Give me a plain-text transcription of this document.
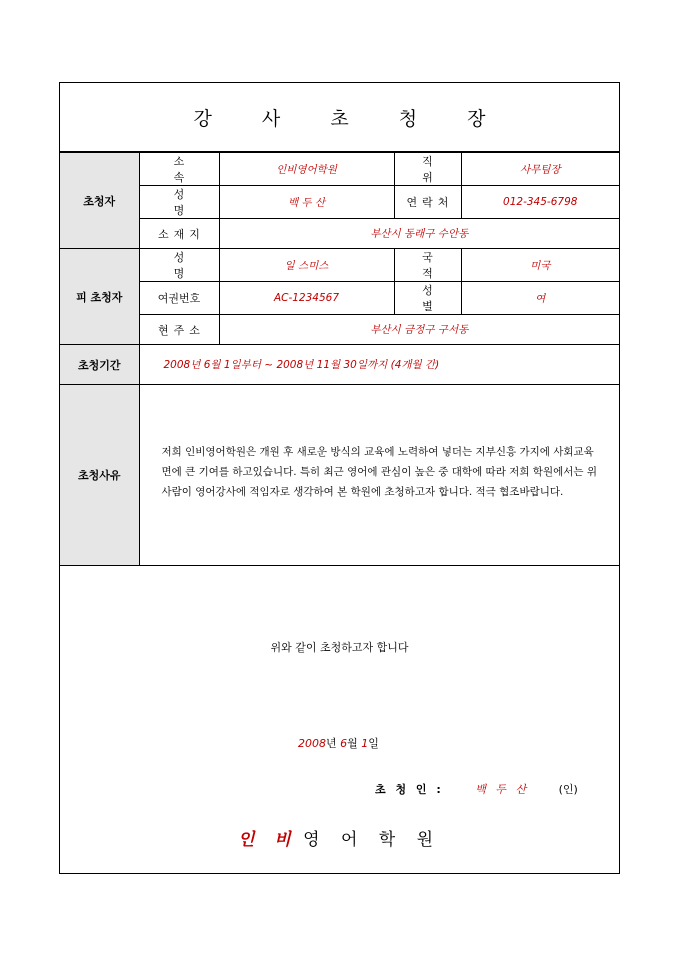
강 사 초 청 장
초청자	소 속	인비영어학원	직 위	사무팀장
	성 명	백 두 산	연락처	012-345-6798
	소재지	부산시 동래구 수안동		
피 초청자	성 명	일 스미스	국 적	미국
	여권번호	AC-1234567	성 별	여
	현주소	부산시 금정구 구서동		
초청기간	2008년 6월 1일부터 ~ 2008년 11월 30일까지 (4개월 간)			
초청사유	저희 인비영어학원은 개원 후 새로운 방식의 교육에 노력하여 넣더는 지부신흥 가지에 사회교육면에 큰 기여를 하고있습니다. 특히 최근 영어에 관심이 높은 중 대학에 따라 저희 학원에서는 위 사람이 영어강사에 적임자로 생각하여 본 학원에 초청하고자 합니다. 적극 협조바랍니다.			
위와 같이 초청하고자 합니다
2008년 6월 1일
초 청 인 :	백 두 산	(인)
인 비 영 어 학 원
